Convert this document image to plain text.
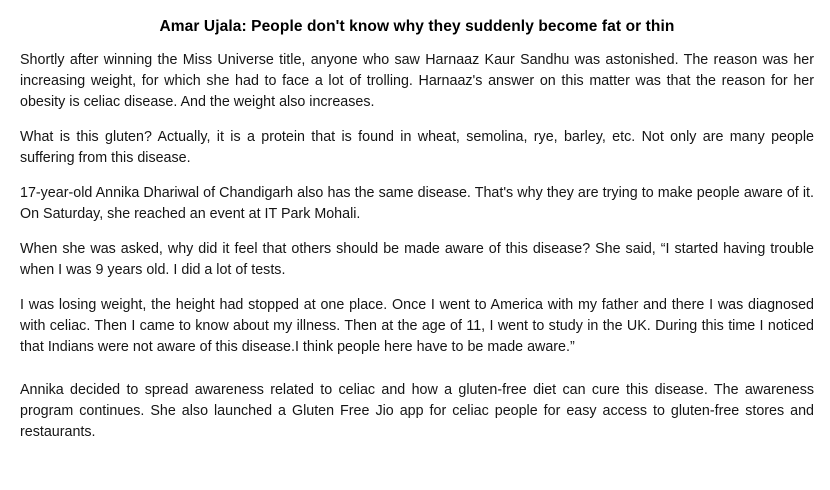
Amar Ujala: People don't know why they suddenly become fat or thin

Shortly after winning the Miss Universe title, anyone who saw Harnaaz Kaur Sandhu was astonished. The reason was her increasing weight, for which she had to face a lot of trolling. Harnaaz's answer on this matter was that the reason for her obesity is celiac disease. And the weight also increases.

What is this gluten? Actually, it is a protein that is found in wheat, semolina, rye, barley, etc. Not only are many people suffering from this disease.

17-year-old Annika Dhariwal of Chandigarh also has the same disease. That's why they are trying to make people aware of it. On Saturday, she reached an event at IT Park Mohali.

When she was asked, why did it feel that others should be made aware of this disease? She said, “I started having trouble when I was 9 years old. I did a lot of tests.

I was losing weight, the height had stopped at one place. Once I went to America with my father and there I was diagnosed with celiac. Then I came to know about my illness. Then at the age of 11, I went to study in the UK. During this time I noticed that Indians were not aware of this disease.I think people here have to be made aware.”

Annika decided to spread awareness related to celiac and how a gluten-free diet can cure this disease. The awareness program continues. She also launched a Gluten Free Jio app for celiac people for easy access to gluten-free stores and restaurants.
